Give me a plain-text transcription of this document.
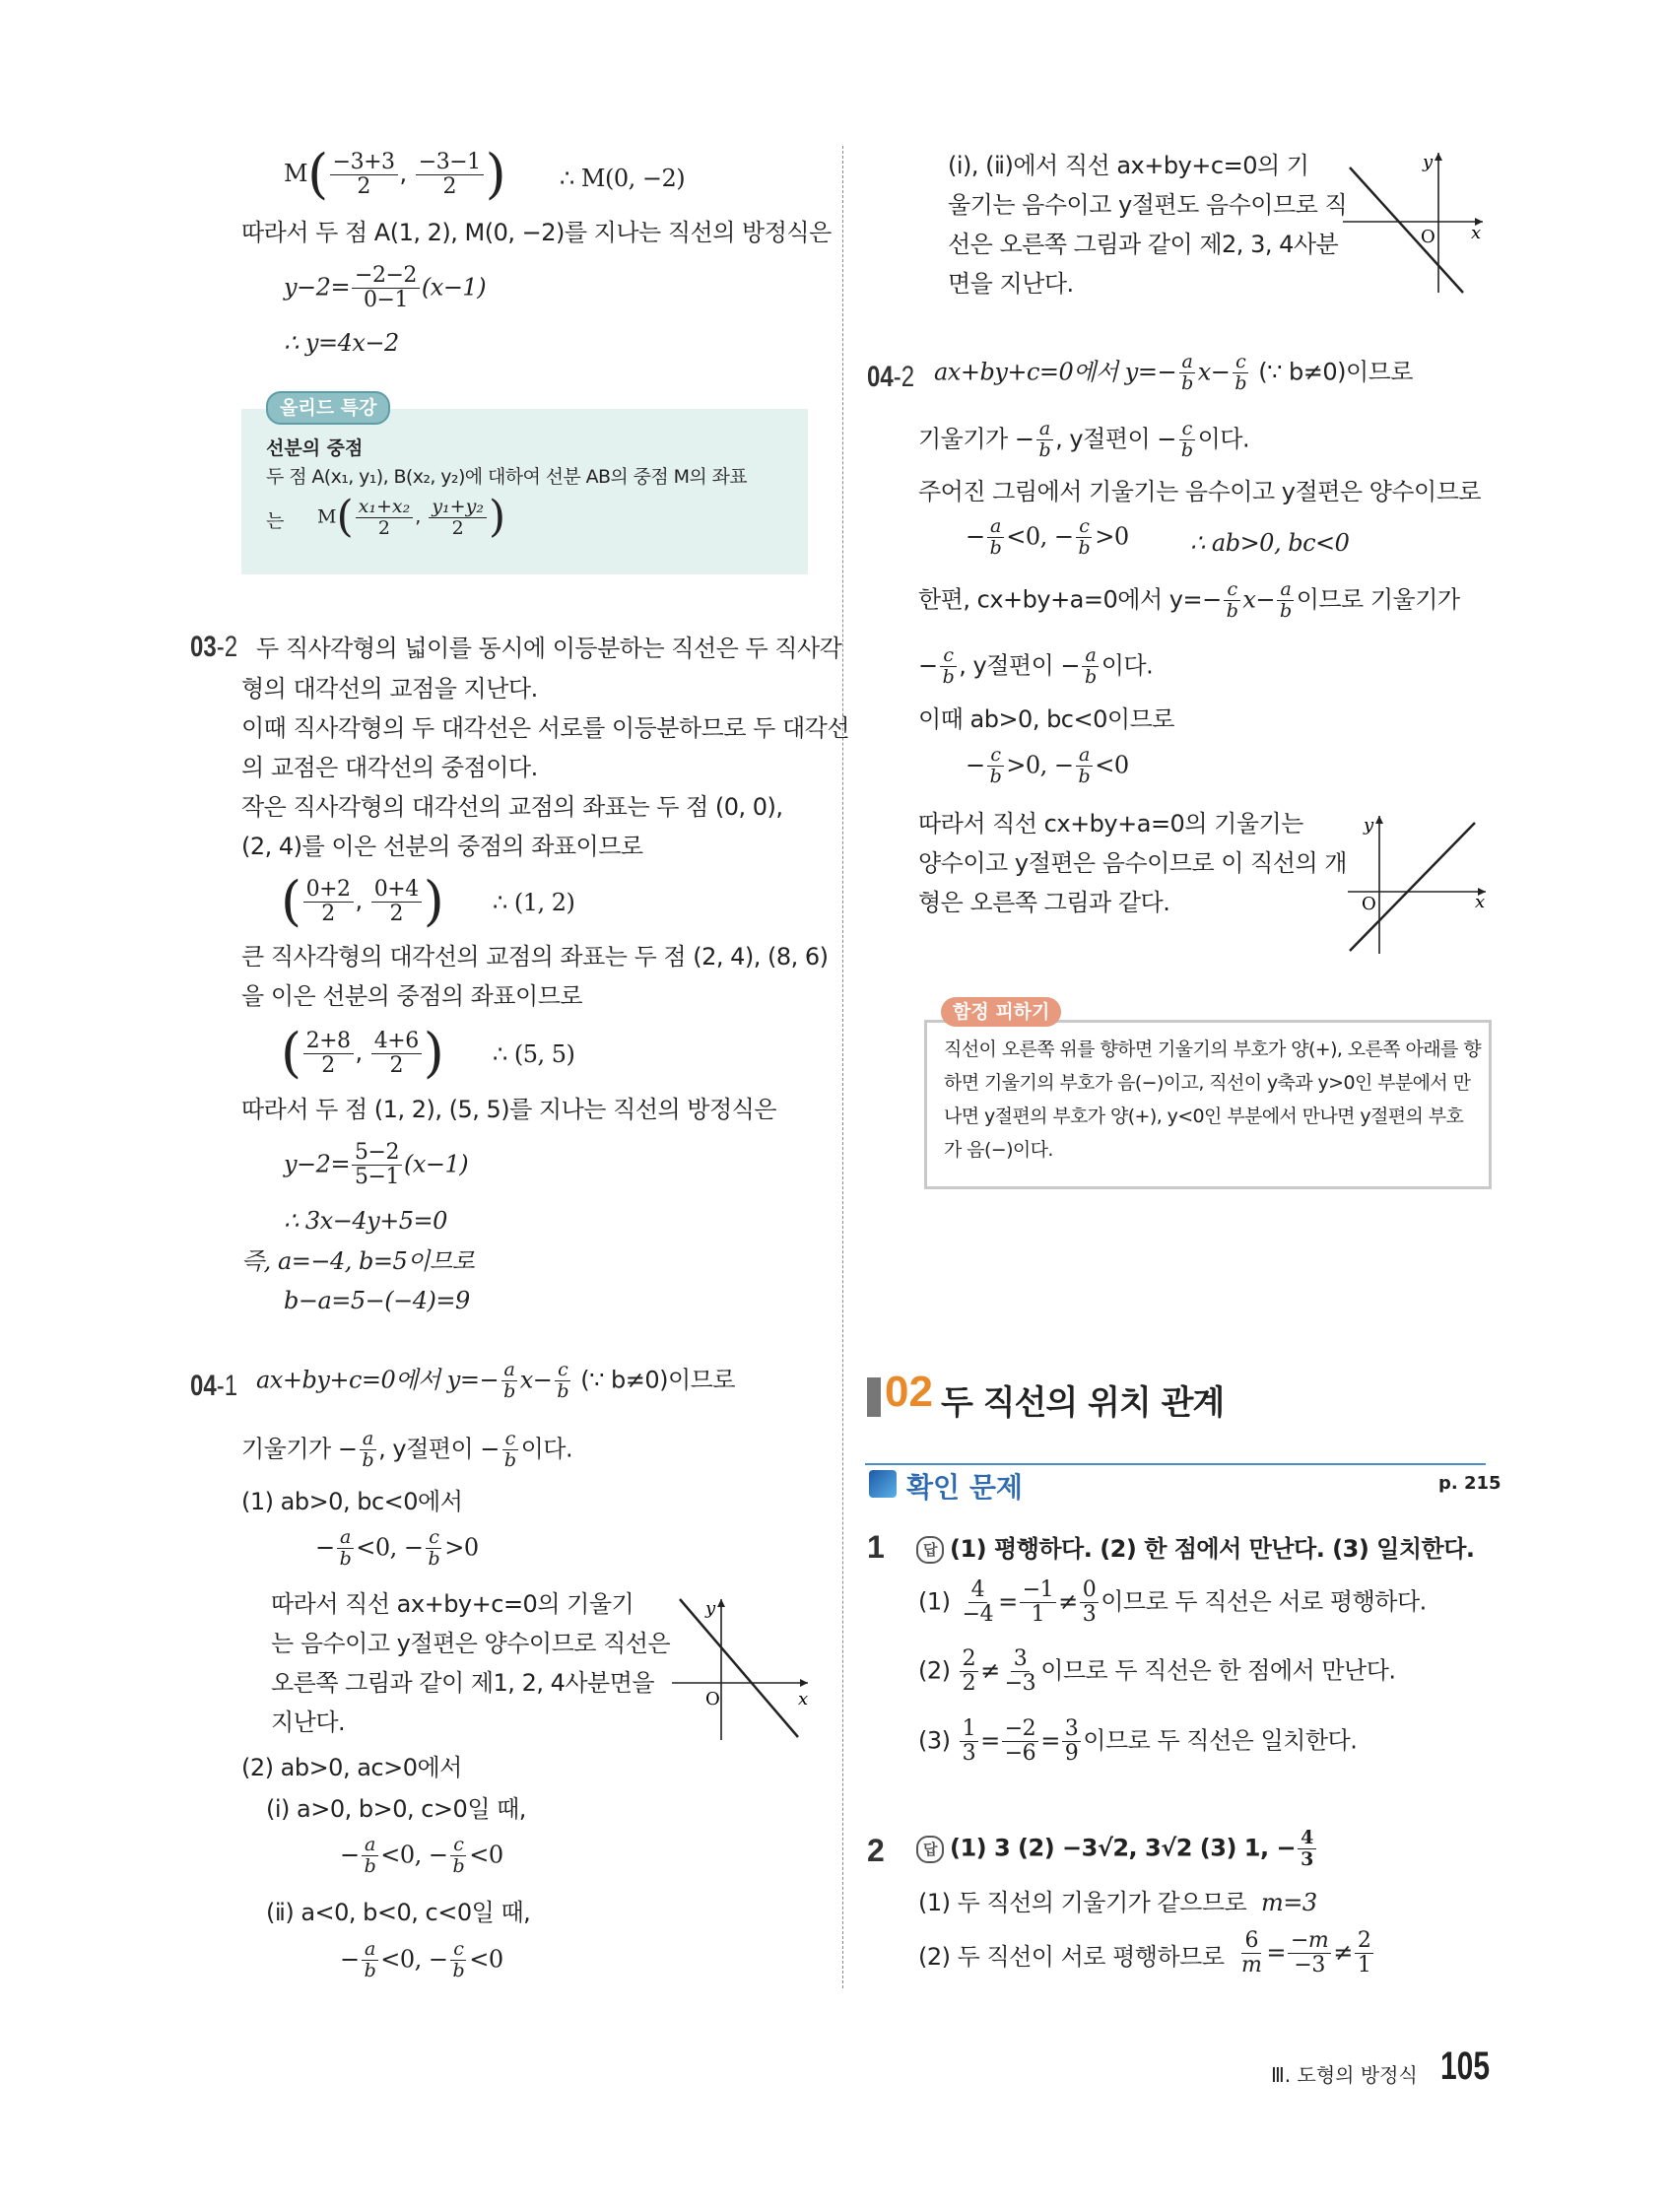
$M( \frac{-3+3}{2}$ , $\frac{-3-1}{2}$ ) ∴ M(0, −2)
따라서 두 점 A(1, 2), M(0, −2)를 지나는 직선의 방정식은
$y-2= \frac{-2-2}{0-1} (x-1)$
∴ y=4x−2
올리드 특강
선분의 중점
두 점 A(x₁, y₁), B(x₂, y₂)에 대하여 선분 AB의 중점 M의 좌표
는 $M( \frac{\text{x₁+x₂}}{2}$ , $\frac{\text{y₁+y₂}}{2}$ )
03-2 두 직사각형의 넓이를 동시에 이등분하는 직선은 두 직사각
형의 대각선의 교점을 지난다.
이때 직사각형의 두 대각선은 서로를 이등분하므로 두 대각선
의 교점은 대각선의 중점이다.
작은 직사각형의 대각선의 교점의 좌표는 두 점 (0, 0),
(2, 4)를 이은 선분의 중점의 좌표이므로
( $\frac{0+2}{2}$ , $\frac{0+4}{2}$ ) ∴ (1, 2)
큰 직사각형의 대각선의 교점의 좌표는 두 점 (2, 4), (8, 6)
을 이은 선분의 중점의 좌표이므로
( $\frac{2+8}{2}$ , $\frac{4+6}{2}$ ) ∴ (5, 5)
따라서 두 점 (1, 2), (5, 5)를 지나는 직선의 방정식은
$y-2= \frac{5-2}{5-1} (x-1)$
∴ 3x−4y+5=0
즉, a=−4, b=5이므로
b−a=5−(−4)=9
04-1 ax+by+c=0에서 $y=- \frac{a}{b} x- \frac{c}{b}$ (∵ b≠0)이므로
기울기가 − $\frac{a}{b}$ , y절편이 − $\frac{c}{b}$ 이다.
(1) ab>0, bc<0에서
− $\frac{a}{b} <0$, − $\frac{c}{b} >0$
따라서 직선 ax+by+c=0의 기울기
는 음수이고 y절편은 양수이므로 직선은
오른쪽 그림과 같이 제1, 2, 4사분면을
지난다.
x
y
O
(2) ab>0, ac>0에서
(ⅰ) a>0, b>0, c>0일 때,
− $\frac{a}{b} <0$, − $\frac{c}{b} <0$
(ⅱ) a<0, b<0, c<0일 때,
− $\frac{a}{b} <0$, − $\frac{c}{b} <0$
(ⅰ), (ⅱ)에서 직선 ax+by+c=0의 기
울기는 음수이고 y절편도 음수이므로 직
선은 오른쪽 그림과 같이 제2, 3, 4사분
면을 지난다.
x
y
O
04-2 ax+by+c=0에서 $y=- \frac{a}{b} x- \frac{c}{b}$ (∵ b≠0)이므로
기울기가 − $\frac{a}{b}$ , y절편이 − $\frac{c}{b}$ 이다.
주어진 그림에서 기울기는 음수이고 y절편은 양수이므로
− $\frac{a}{b} <0$, − $\frac{c}{b} >0$	∴ ab>0, bc<0
한편, cx+by+a=0에서 $y=- \frac{c}{b} x- \frac{a}{b}$ 이므로 기울기가
− $\frac{c}{b}$ , y절편이 − $\frac{a}{b}$ 이다.
이때 ab>0, bc<0이므로
− $\frac{c}{b} >0$, − $\frac{a}{b} <0$
따라서 직선 cx+by+a=0의 기울기는
양수이고 y절편은 음수이므로 이 직선의 개
형은 오른쪽 그림과 같다.	x
y
O
함정 피하기
직선이 오른쪽 위를 향하면 기울기의 부호가 양(+), 오른쪽 아래를 향
하면 기울기의 부호가 음(−)이고, 직선이 y축과 y>0인 부분에서 만
나면 y절편의 부호가 양(+), y<0인 부분에서 만나면 y절편의 부호
가 음(−)이다.
02 두 직선의 위치 관계
확인 문제	p. 215
1	답 (1) 평행하다. (2) 한 점에서 만난다. (3) 일치한다.
$(1) \frac{4}{-4} = \frac{-1}{1} \ne \frac{0}{3}$ 이므로 두 직선은 서로 평행하다.
$(2) \frac{2}{2} \ne \frac{3}{-3}$ 이므로 두 직선은 한 점에서 만난다.
$(3) \frac{1}{3} = \frac{-2}{-6} = \frac{3}{9}$ 이므로 두 직선은 일치한다.
2	답 (1) 3 (2) −3√2, 3√2 (3) 1, − $\frac{4}{3}$
(1) 두 직선의 기울기가 같으므로 m=3
(2) 두 직선이 서로 평행하므로 $\frac{6}{m} = \frac{-m}{-3} \ne \frac{2}{1}$
Ⅲ. 도형의 방정식 105
